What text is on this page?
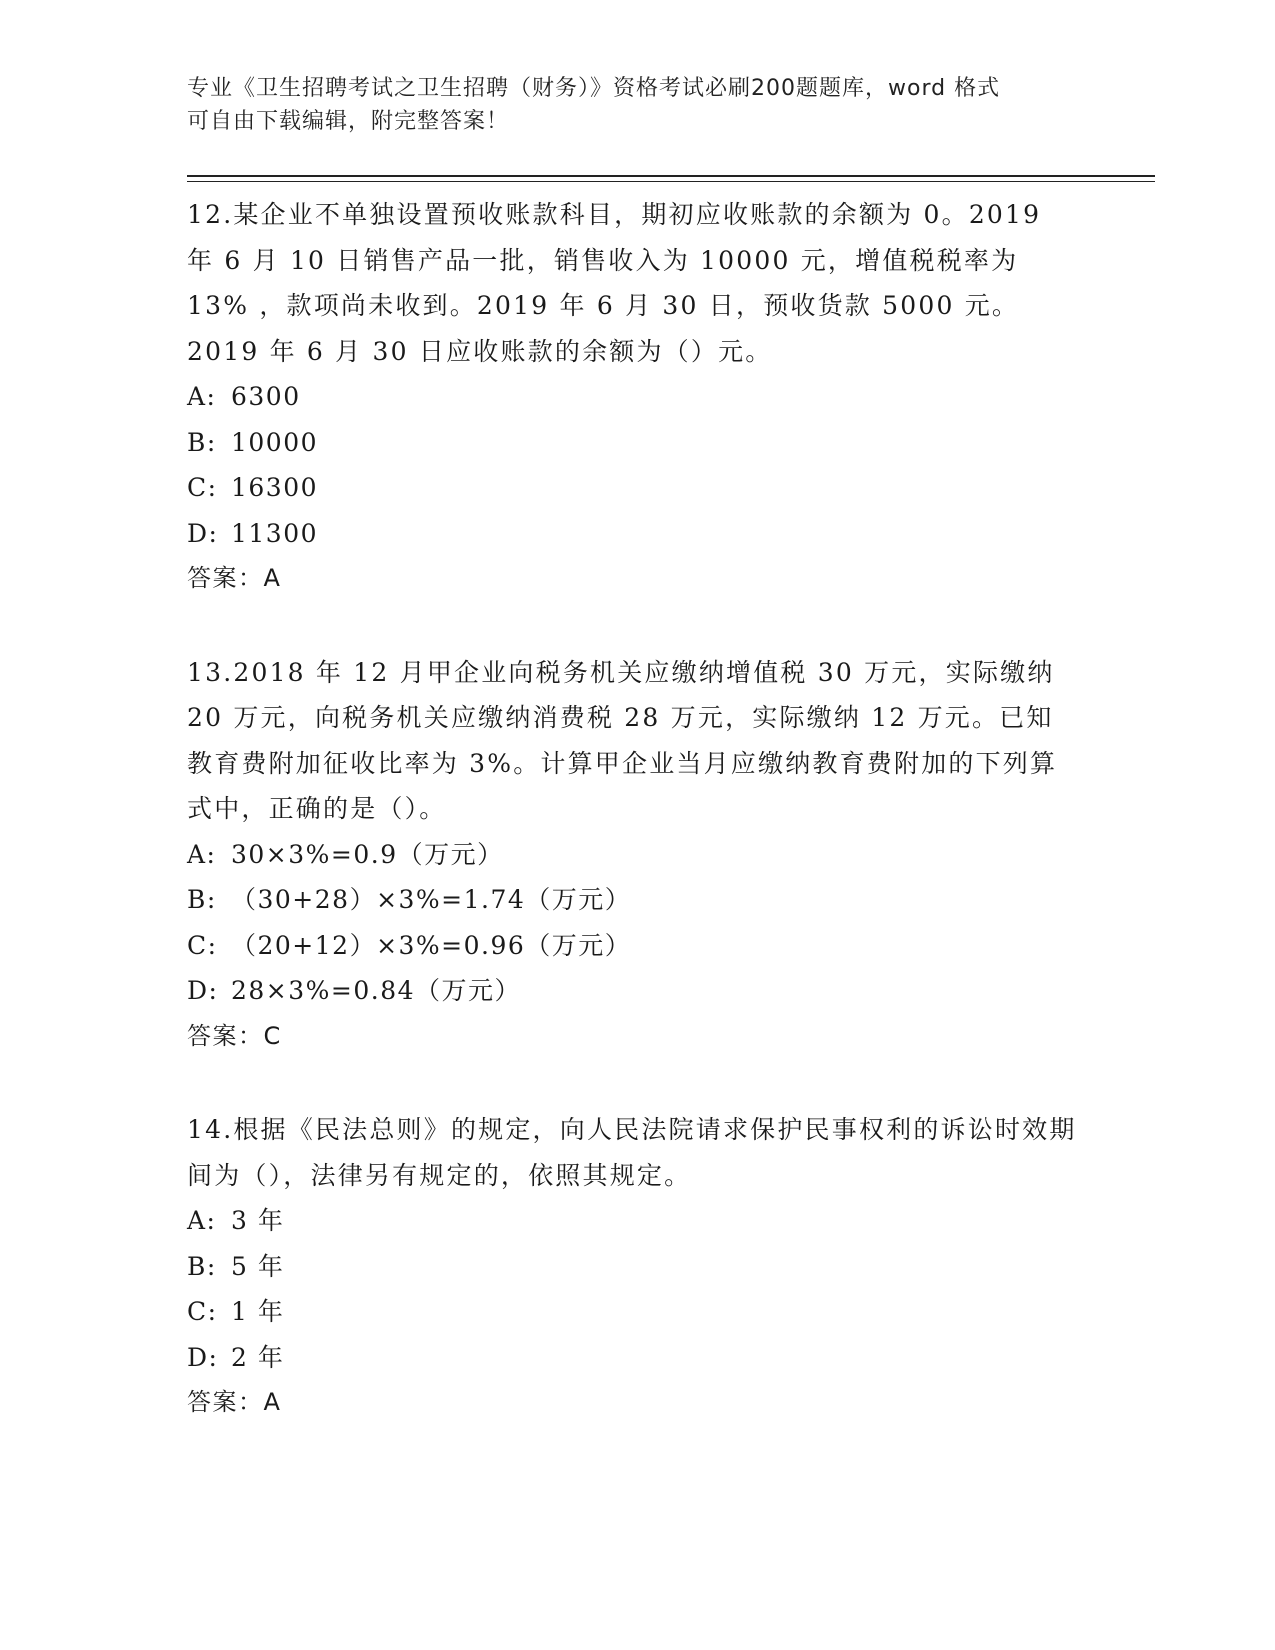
专业《卫生招聘考试之卫生招聘（财务）》资格考试必刷200题题库，word 格式
可自由下载编辑，附完整答案！

12.某企业不单独设置预收账款科目，期初应收账款的余额为 0。2019 年 6 月 10 日销售产品一批，销售收入为 10000 元，增值税税率为 13% ，款项尚未收到。2019 年 6 月 30 日，预收货款 5000 元。2019 年 6 月 30 日应收账款的余额为（）元。

A: 6300

B: 10000

C: 16300

D: 11300

答案：A

13.2018 年 12 月甲企业向税务机关应缴纳增值税 30 万元，实际缴纳 20 万元，向税务机关应缴纳消费税 28 万元，实际缴纳 12 万元。已知教育费附加征收比率为 3%。计算甲企业当月应缴纳教育费附加的下列算式中，正确的是（）。

A: 30×3%=0.9（万元）

B: （30+28）×3%=1.74（万元）

C: （20+12）×3%=0.96（万元）

D: 28×3%=0.84（万元）

答案：C

14.根据《民法总则》的规定，向人民法院请求保护民事权利的诉讼时效期间为（），法律另有规定的，依照其规定。

A: 3 年

B: 5 年

C: 1 年

D: 2 年

答案：A
